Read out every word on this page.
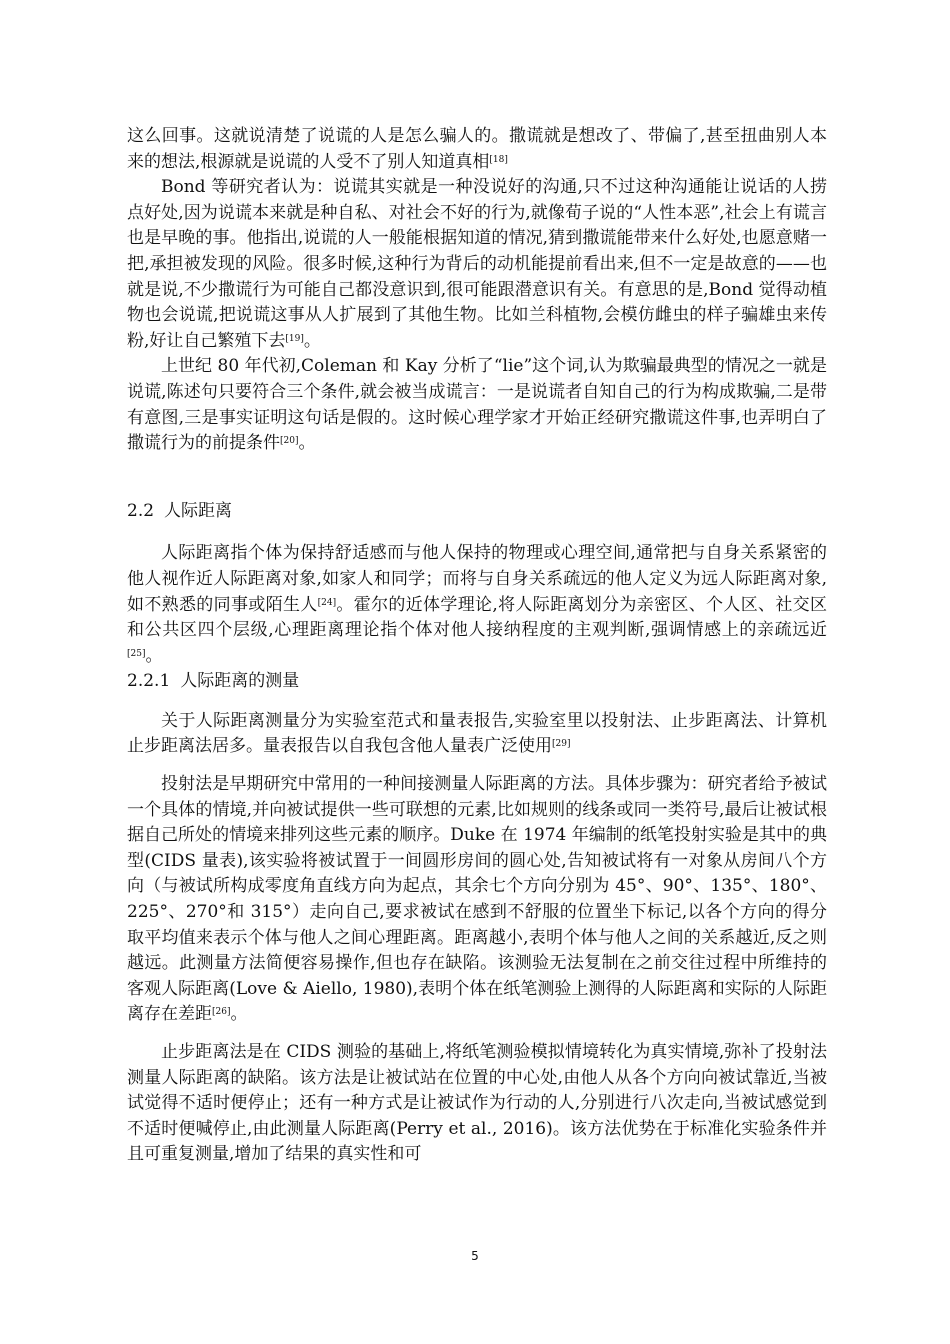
这么回事。这就说清楚了说谎的人是怎么骗人的。撒谎就是想改了、带偏了,甚至扭曲别人本来的想法,根源就是说谎的人受不了别人知道真相[18]

Bond 等研究者认为：说谎其实就是一种没说好的沟通,只不过这种沟通能让说话的人捞点好处,因为说谎本来就是种自私、对社会不好的行为,就像荀子说的“人性本恶”,社会上有谎言也是早晚的事。他指出,说谎的人一般能根据知道的情况,猜到撒谎能带来什么好处,也愿意赌一把,承担被发现的风险。很多时候,这种行为背后的动机能提前看出来,但不一定是故意的——也就是说,不少撒谎行为可能自己都没意识到,很可能跟潜意识有关。有意思的是,Bond 觉得动植物也会说谎,把说谎这事从人扩展到了其他生物。比如兰科植物,会模仿雌虫的样子骗雄虫来传粉,好让自己繁殖下去[19]。

上世纪 80 年代初,Coleman 和 Kay 分析了“lie”这个词,认为欺骗最典型的情况之一就是说谎,陈述句只要符合三个条件,就会被当成谎言：一是说谎者自知自己的行为构成欺骗,二是带有意图,三是事实证明这句话是假的。这时候心理学家才开始正经研究撒谎这件事,也弄明白了撒谎行为的前提条件[20]。

2.2 人际距离

人际距离指个体为保持舒适感而与他人保持的物理或心理空间,通常把与自身关系紧密的他人视作近人际距离对象,如家人和同学；而将与自身关系疏远的他人定义为远人际距离对象,如不熟悉的同事或陌生人[24]。霍尔的近体学理论,将人际距离划分为亲密区、个人区、社交区和公共区四个层级,心理距离理论指个体对他人接纳程度的主观判断,强调情感上的亲疏远近[25]。

2.2.1 人际距离的测量

关于人际距离测量分为实验室范式和量表报告,实验室里以投射法、止步距离法、计算机止步距离法居多。量表报告以自我包含他人量表广泛使用[29]

投射法是早期研究中常用的一种间接测量人际距离的方法。具体步骤为：研究者给予被试一个具体的情境,并向被试提供一些可联想的元素,比如规则的线条或同一类符号,最后让被试根据自己所处的情境来排列这些元素的顺序。Duke 在 1974 年编制的纸笔投射实验是其中的典型(CIDS 量表),该实验将被试置于一间圆形房间的圆心处,告知被试将有一对象从房间八个方向（与被试所构成零度角直线方向为起点，其余七个方向分别为 45°、90°、135°、180°、225°、270°和 315°）走向自己,要求被试在感到不舒服的位置坐下标记,以各个方向的得分取平均值来表示个体与他人之间心理距离。距离越小,表明个体与他人之间的关系越近,反之则越远。此测量方法简便容易操作,但也存在缺陷。该测验无法复制在之前交往过程中所维持的客观人际距离(Love & Aiello, 1980),表明个体在纸笔测验上测得的人际距离和实际的人际距离存在差距[26]。

止步距离法是在 CIDS 测验的基础上,将纸笔测验模拟情境转化为真实情境,弥补了投射法测量人际距离的缺陷。该方法是让被试站在位置的中心处,由他人从各个方向向被试靠近,当被试觉得不适时便停止；还有一种方式是让被试作为行动的人,分别进行八次走向,当被试感觉到不适时便喊停止,由此测量人际距离(Perry et al., 2016)。该方法优势在于标准化实验条件并且可重复测量,增加了结果的真实性和可

5
